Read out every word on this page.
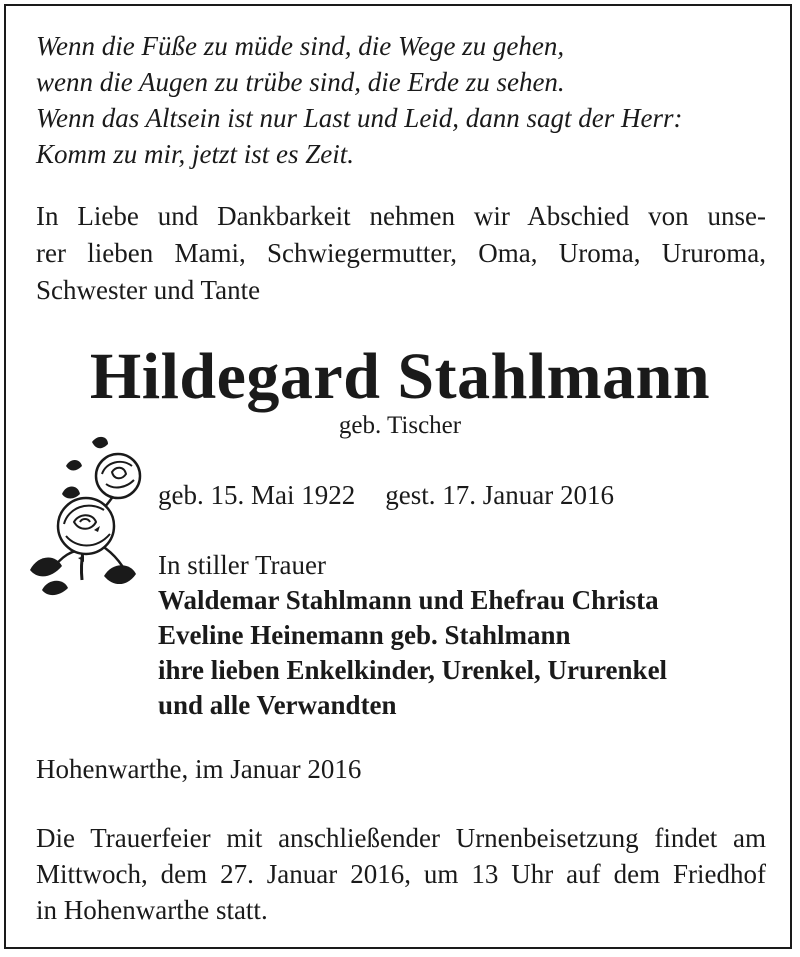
Wenn die Füße zu müde sind, die Wege zu gehen,
wenn die Augen zu trübe sind, die Erde zu sehen.
Wenn das Altsein ist nur Last und Leid, dann sagt der Herr:
Komm zu mir, jetzt ist es Zeit.
In Liebe und Dankbarkeit nehmen wir Abschied von unse-
rer lieben Mami, Schwiegermutter, Oma, Uroma, Ururoma,
Schwester und Tante
Hildegard Stahlmann
geb. Tischer
geb. 15. Mai 1922 gest. 17. Januar 2016
In stiller Trauer
Waldemar Stahlmann und Ehefrau Christa
Eveline Heinemann geb. Stahlmann
ihre lieben Enkelkinder, Urenkel, Ururenkel
und alle Verwandten
Hohenwarthe, im Januar 2016
Die Trauerfeier mit anschließender Urnenbeisetzung findet am
Mittwoch, dem 27. Januar 2016, um 13 Uhr auf dem Friedhof
in Hohenwarthe statt.
